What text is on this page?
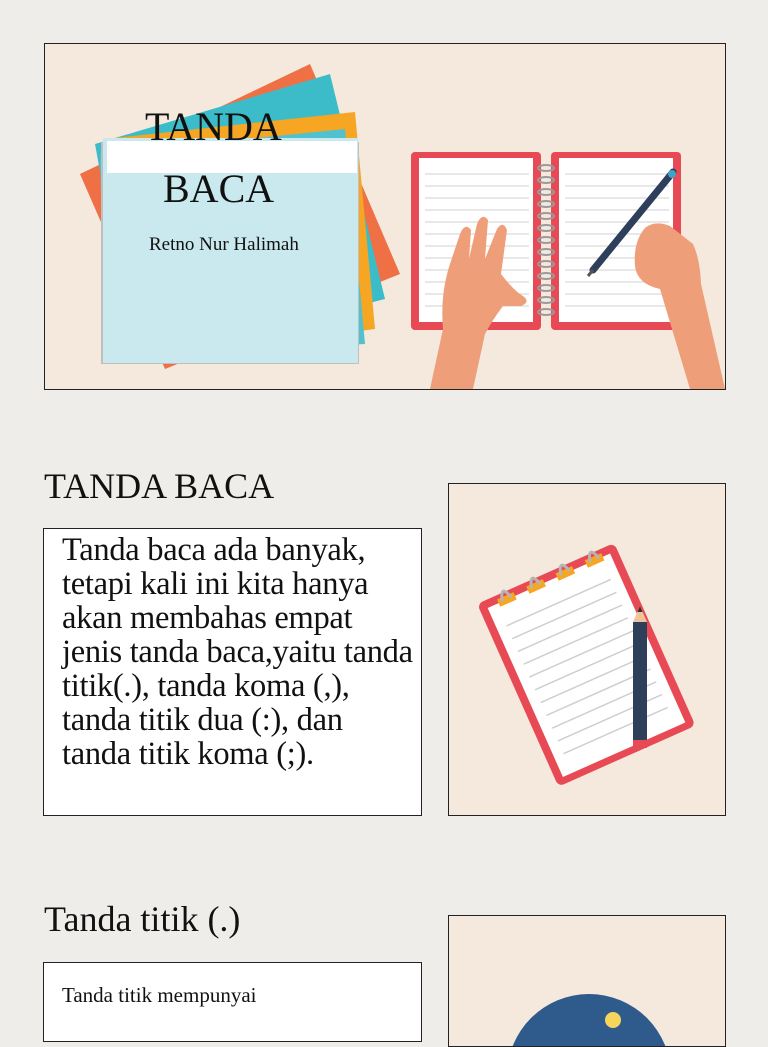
TANDA
BACA
Retno Nur Halimah
TANDA BACA
Tanda baca ada banyak, tetapi kali ini kita hanya akan membahas empat jenis tanda baca,yaitu tanda titik(.), tanda koma (,), tanda titik dua (:), dan tanda titik koma (;).
Tanda titik (.)
Tanda titik mempunyai
